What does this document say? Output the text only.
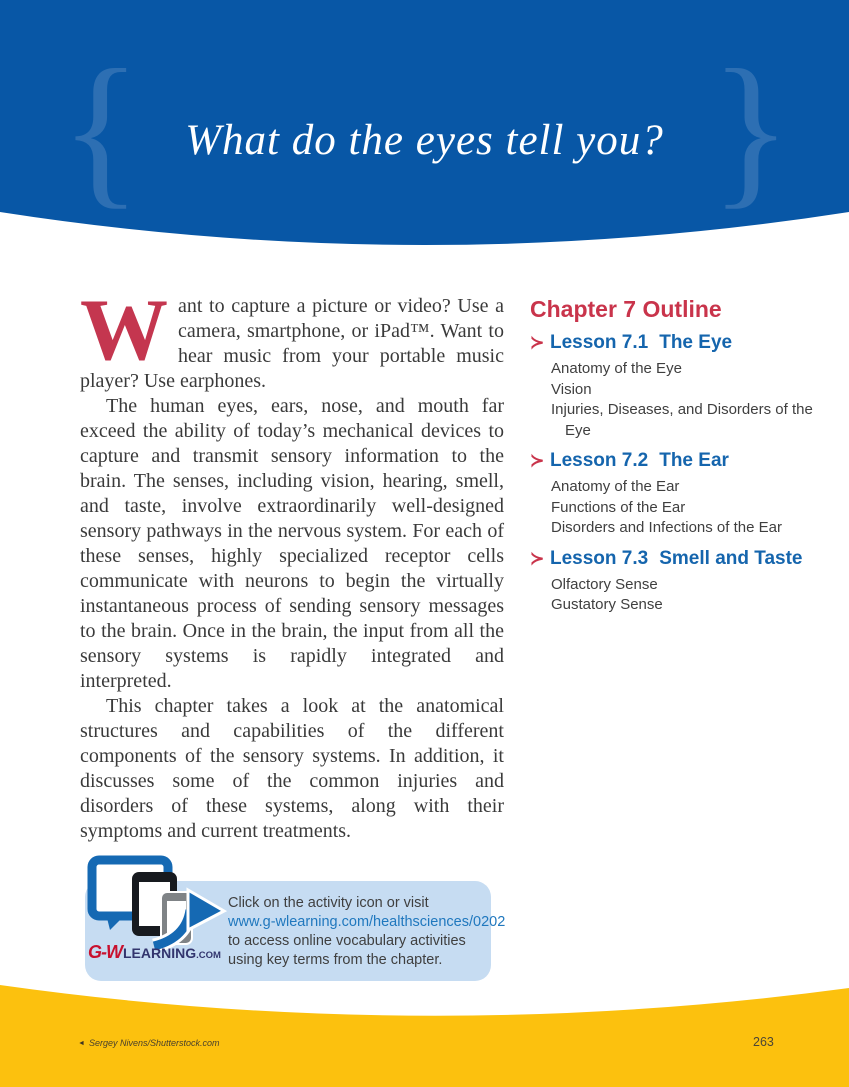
{	}
What do the eyes tell you?

Want to capture a picture or video? Use a camera, smartphone, or iPad™. Want to hear music from your portable music player? Use earphones.

The human eyes, ears, nose, and mouth far exceed the ability of today’s mechanical devices to capture and transmit sensory information to the brain. The senses, including vision, hearing, smell, and taste, involve extraordinarily well-designed sensory pathways in the nervous system. For each of these senses, highly specialized receptor cells communicate with neurons to begin the virtually instantaneous process of sending sensory messages to the brain. Once in the brain, the input from all the sensory systems is rapidly integrated and interpreted.

This chapter takes a look at the anatomical structures and capabilities of the different components of the sensory systems. In addition, it discusses some of the common injuries and disorders of these systems, along with their symptoms and current treatments.

Chapter 7 Outline
≻ Lesson 7.1 The Eye
Anatomy of the Eye
Vision
Injuries, Diseases, and Disorders of the Eye
≻ Lesson 7.2 The Ear
Anatomy of the Ear
Functions of the Ear
Disorders and Infections of the Ear
≻ Lesson 7.3 Smell and Taste
Olfactory Sense
Gustatory Sense
G-W LEARNING .COM
Click on the activity icon or visit
www.g-wlearning.com/healthsciences/0202
to access online vocabulary activities
using key terms from the chapter.
◄ Sergey Nivens/Shutterstock.com	263
